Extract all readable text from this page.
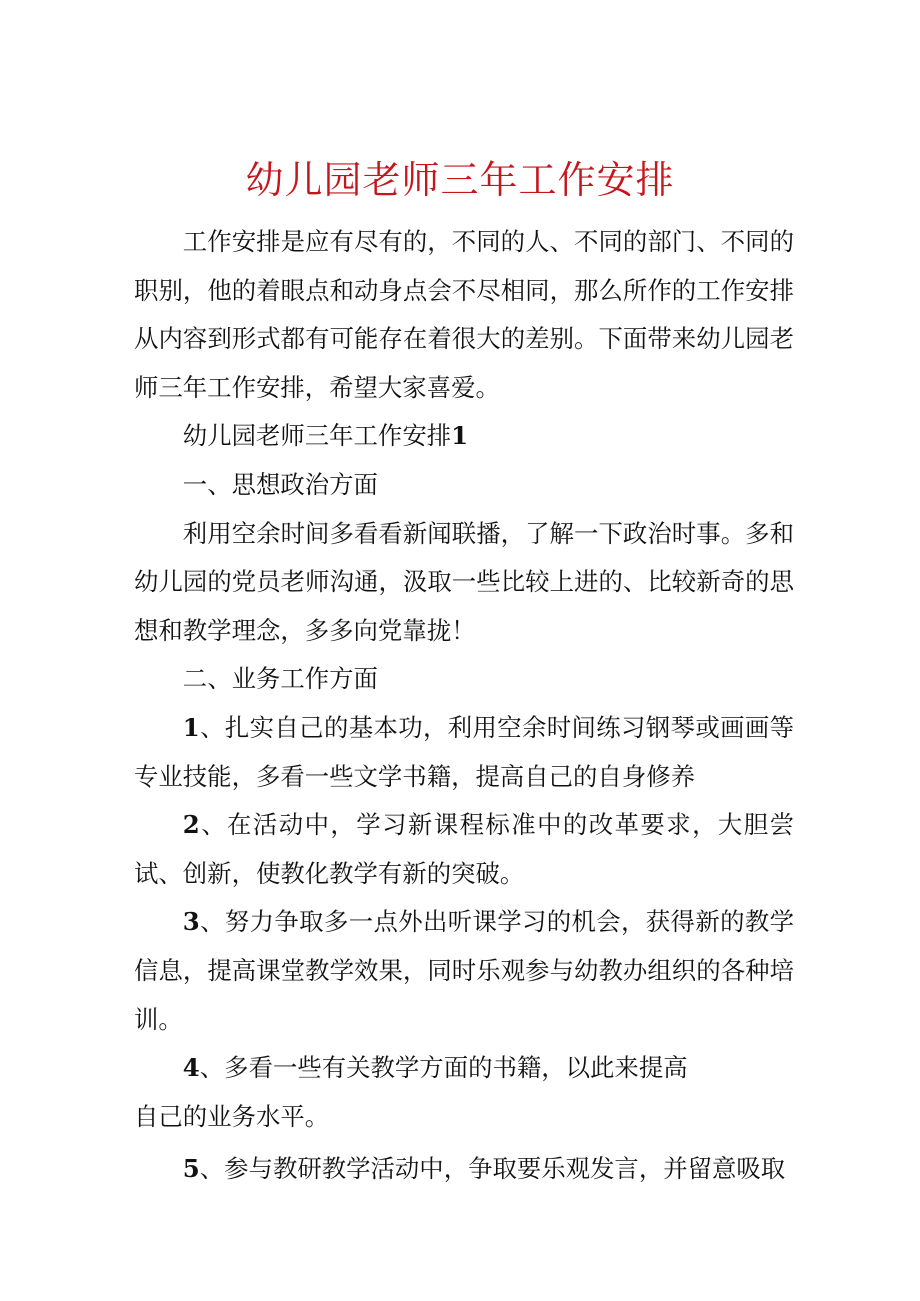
幼儿园老师三年工作安排

工作安排是应有尽有的，不同的人、不同的部门、不同的职别，他的着眼点和动身点会不尽相同，那么所作的工作安排从内容到形式都有可能存在着很大的差别。下面带来幼儿园老师三年工作安排，希望大家喜爱。

幼儿园老师三年工作安排1

一、思想政治方面

利用空余时间多看看新闻联播，了解一下政治时事。多和幼儿园的党员老师沟通，汲取一些比较上进的、比较新奇的思想和教学理念，多多向党靠拢！

二、业务工作方面

1、扎实自己的基本功，利用空余时间练习钢琴或画画等专业技能，多看一些文学书籍，提高自己的自身修养

2、在活动中，学习新课程标准中的改革要求，大胆尝试、创新，使教化教学有新的突破。

3、努力争取多一点外出听课学习的机会，获得新的教学信息，提高课堂教学效果，同时乐观参与幼教办组织的各种培训。

4、多看一些有关教学方面的书籍，以此来提高

自己的业务水平。

5、参与教研教学活动中，争取要乐观发言，并留意吸取
